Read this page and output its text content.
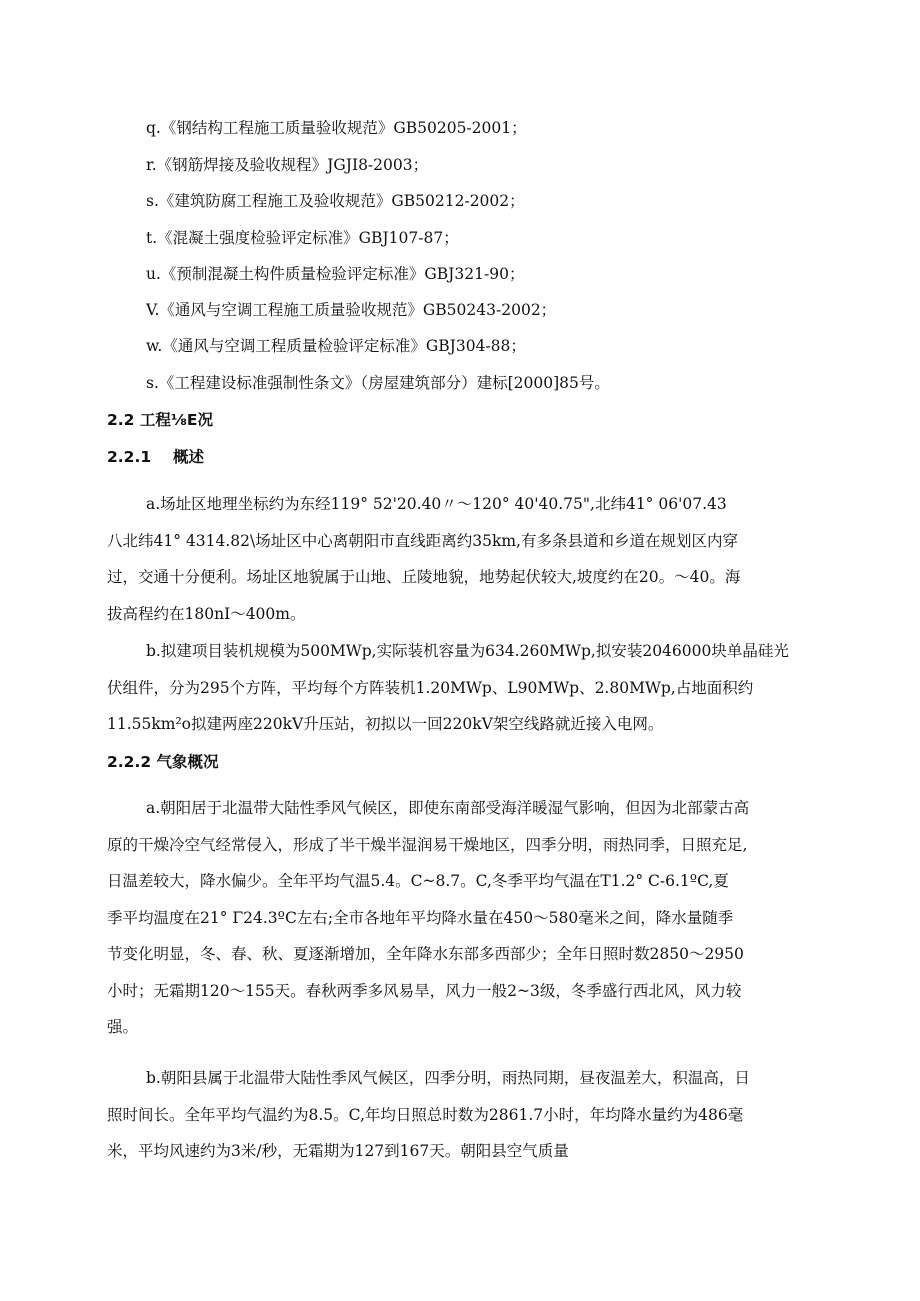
q.《钢结构工程施工质量验收规范》GB50205-2001；
r.《钢筋焊接及验收规程》JGJI8-2003；
s.《建筑防腐工程施工及验收规范》GB50212-2002；
t.《混凝土强度检验评定标准》GBJ107-87；
u.《预制混凝土构件质量检验评定标准》GBJ321-90；
V.《通风与空调工程施工质量验收规范》GB50243-2002；
w.《通风与空调工程质量检验评定标准》GBJ304-88；
s.《工程建设标准强制性条文》（房屋建筑部分）建标[2000]85号。
2.2 工程⅛E况
2.2.1 概述
a.场址区地理坐标约为东经119° 52'20.40〃～120° 40'40.75",北纬41° 06'07.43
八北纬41° 4314.82\场址区中心离朝阳市直线距离约35km,有多条县道和乡道在规划区内穿
过，交通十分便利。场址区地貌属于山地、丘陵地貌，地势起伏较大,坡度约在20。～40。海
拔高程约在180nI～400m。
b.拟建项目装机规模为500MWp,实际装机容量为634.260MWp,拟安装2046000块单晶硅光
伏组件，分为295个方阵，平均每个方阵装机1.20MWp、L90MWp、2.80MWp,占地面积约
11.55km²o拟建两座220kV升压站，初拟以一回220kV架空线路就近接入电网。
2.2.2 气象概况
a.朝阳居于北温带大陆性季风气候区，即使东南部受海洋暖湿气影响，但因为北部蒙古高
原的干燥冷空气经常侵入，形成了半干燥半湿润易干燥地区，四季分明，雨热同季，日照充足,
日温差较大，降水偏少。全年平均气温5.4。C~8.7。C,冬季平均气温在T1.2° C-6.1ºC,夏
季平均温度在21° Γ24.3ºC左右;全市各地年平均降水量在450～580毫米之间，降水量随季
节变化明显，冬、春、秋、夏逐渐增加，全年降水东部多西部少；全年日照时数2850～2950
小时；无霜期120～155天。春秋两季多风易旱，风力一般2~3级，冬季盛行西北风，风力较
强。
b.朝阳县属于北温带大陆性季风气候区，四季分明，雨热同期，昼夜温差大，积温高，日
照时间长。全年平均气温约为8.5。C,年均日照总时数为2861.7小时，年均降水量约为486毫
米，平均风速约为3米/秒，无霜期为127到167天。朝阳县空气质量
